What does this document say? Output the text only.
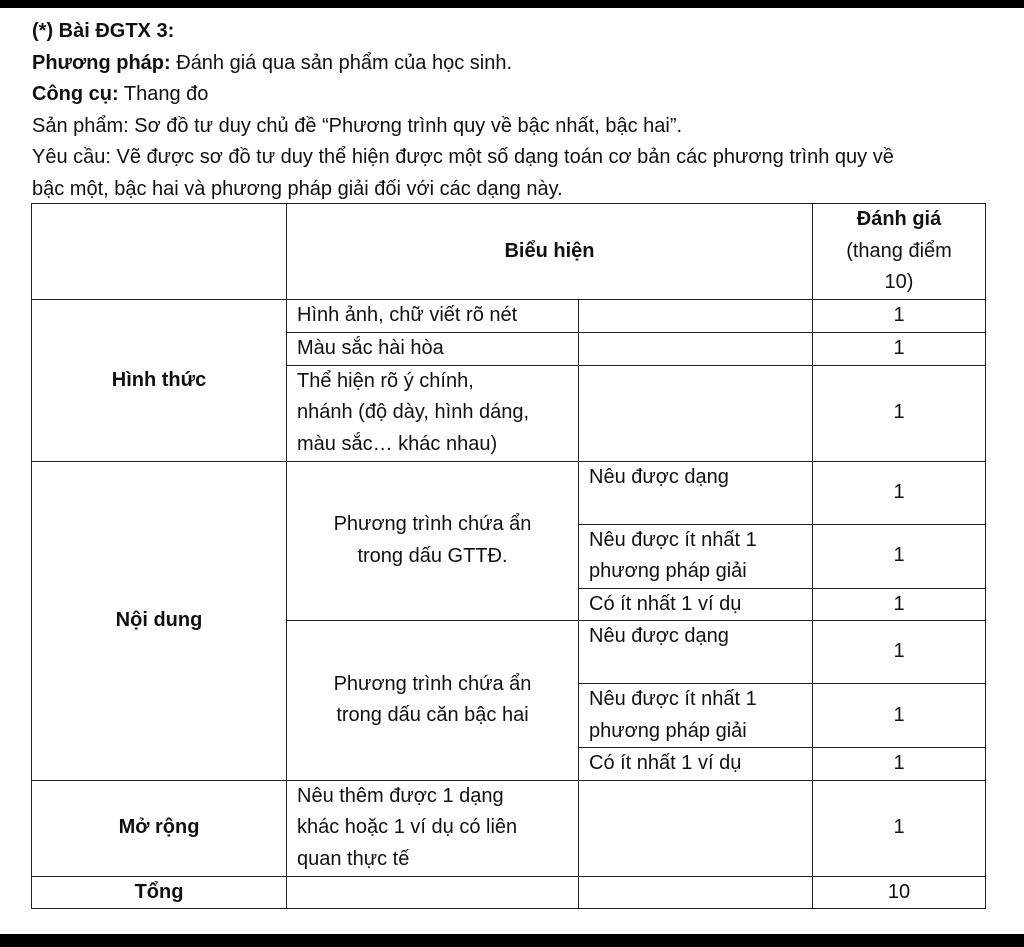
(*) Bài ĐGTX 3:
Phương pháp: Đánh giá qua sản phẩm của học sinh.
Công cụ: Thang đo
Sản phẩm: Sơ đồ tư duy chủ đề “Phương trình quy về bậc nhất, bậc hai”.
Yêu cầu: Vẽ được sơ đồ tư duy thể hiện được một số dạng toán cơ bản các phương trình quy về
bậc một, bậc hai và phương pháp giải đối với các dạng này.
	Biểu hiện		Đánh giá
(thang điểm
10)

Hình thức	Hình ảnh, chữ viết rõ nét		1
	Màu sắc hài hòa		1

	Thể hiện rõ ý chính,
nhánh (độ dày, hình dáng,
màu sắc… khác nhau)		1
Nội dung	Phương trình chứa ẩn
trong dấu GTTĐ.	Nêu được dạng	1

		Nêu được ít nhất 1
phương pháp giải	1
		Có ít nhất 1 ví dụ	1

	Phương trình chứa ẩn
trong dấu căn bậc hai	Nêu được dạng	1

		Nêu được ít nhất 1
phương pháp giải	1
		Có ít nhất 1 ví dụ	1
Mở rộng	Nêu thêm được 1 dạng
khác hoặc 1 ví dụ có liên
quan thực tế		1
Tổng			10
